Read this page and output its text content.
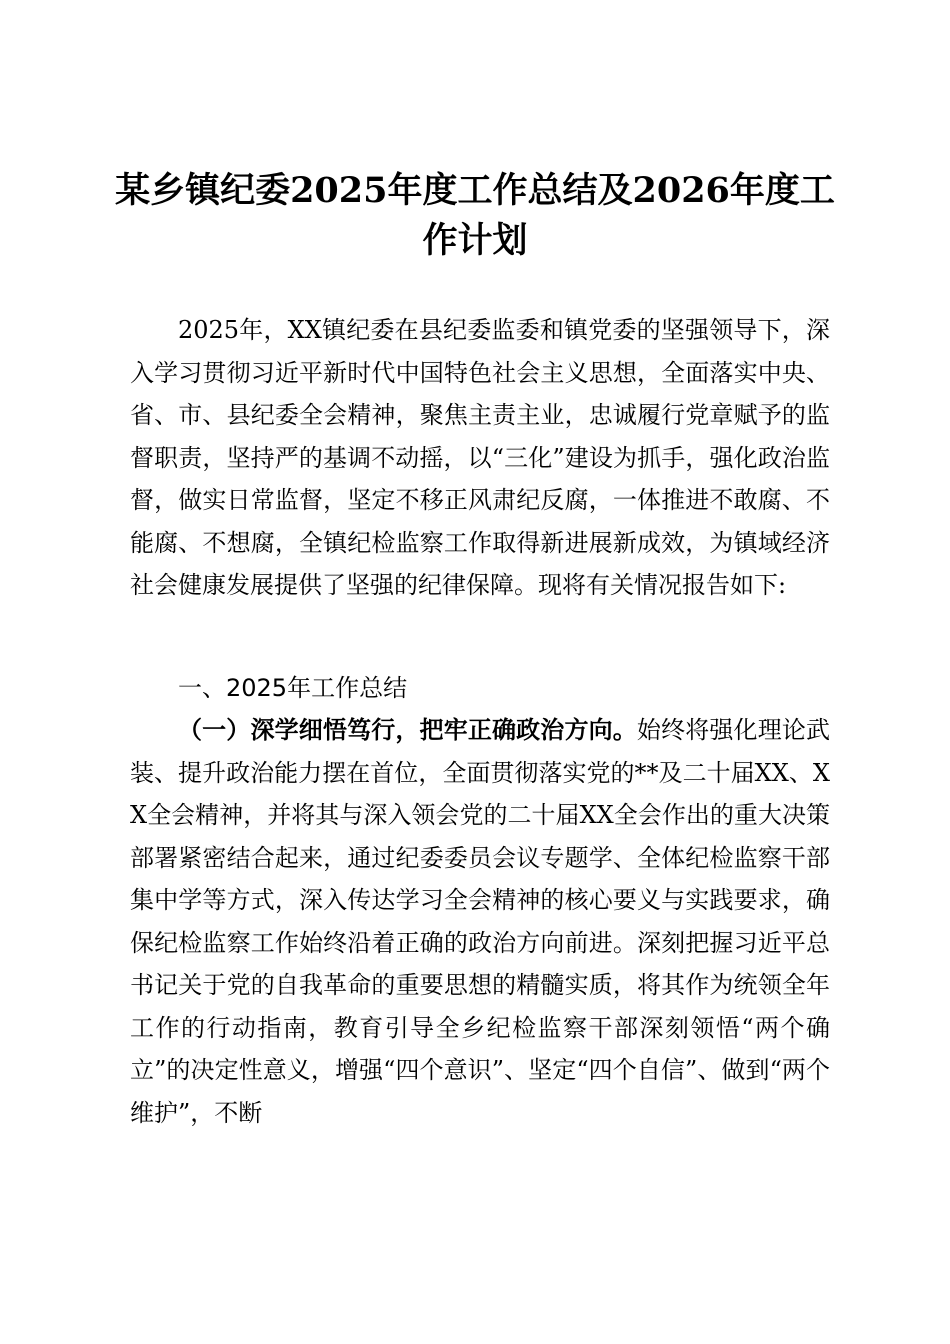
某乡镇纪委2025年度工作总结及2026年度工作计划

2025年，XX镇纪委在县纪委监委和镇党委的坚强领导下，深入学习贯彻习近平新时代中国特色社会主义思想，全面落实中央、省、市、县纪委全会精神，聚焦主责主业，忠诚履行党章赋予的监督职责，坚持严的基调不动摇，以“三化”建设为抓手，强化政治监督，做实日常监督，坚定不移正风肃纪反腐，一体推进不敢腐、不能腐、不想腐，全镇纪检监察工作取得新进展新成效，为镇域经济社会健康发展提供了坚强的纪律保障。现将有关情况报告如下:

一、2025年工作总结

（一）深学细悟笃行，把牢正确政治方向。始终将强化理论武装、提升政治能力摆在首位，全面贯彻落实党的**及二十届XX、XX全会精神，并将其与深入领会党的二十届XX全会作出的重大决策部署紧密结合起来，通过纪委委员会议专题学、全体纪检监察干部集中学等方式，深入传达学习全会精神的核心要义与实践要求，确保纪检监察工作始终沿着正确的政治方向前进。深刻把握习近平总书记关于党的自我革命的重要思想的精髓实质，将其作为统领全年工作的行动指南，教育引导全乡纪检监察干部深刻领悟“两个确立”的决定性意义，增强“四个意识”、坚定“四个自信”、做到“两个维护”，不断
